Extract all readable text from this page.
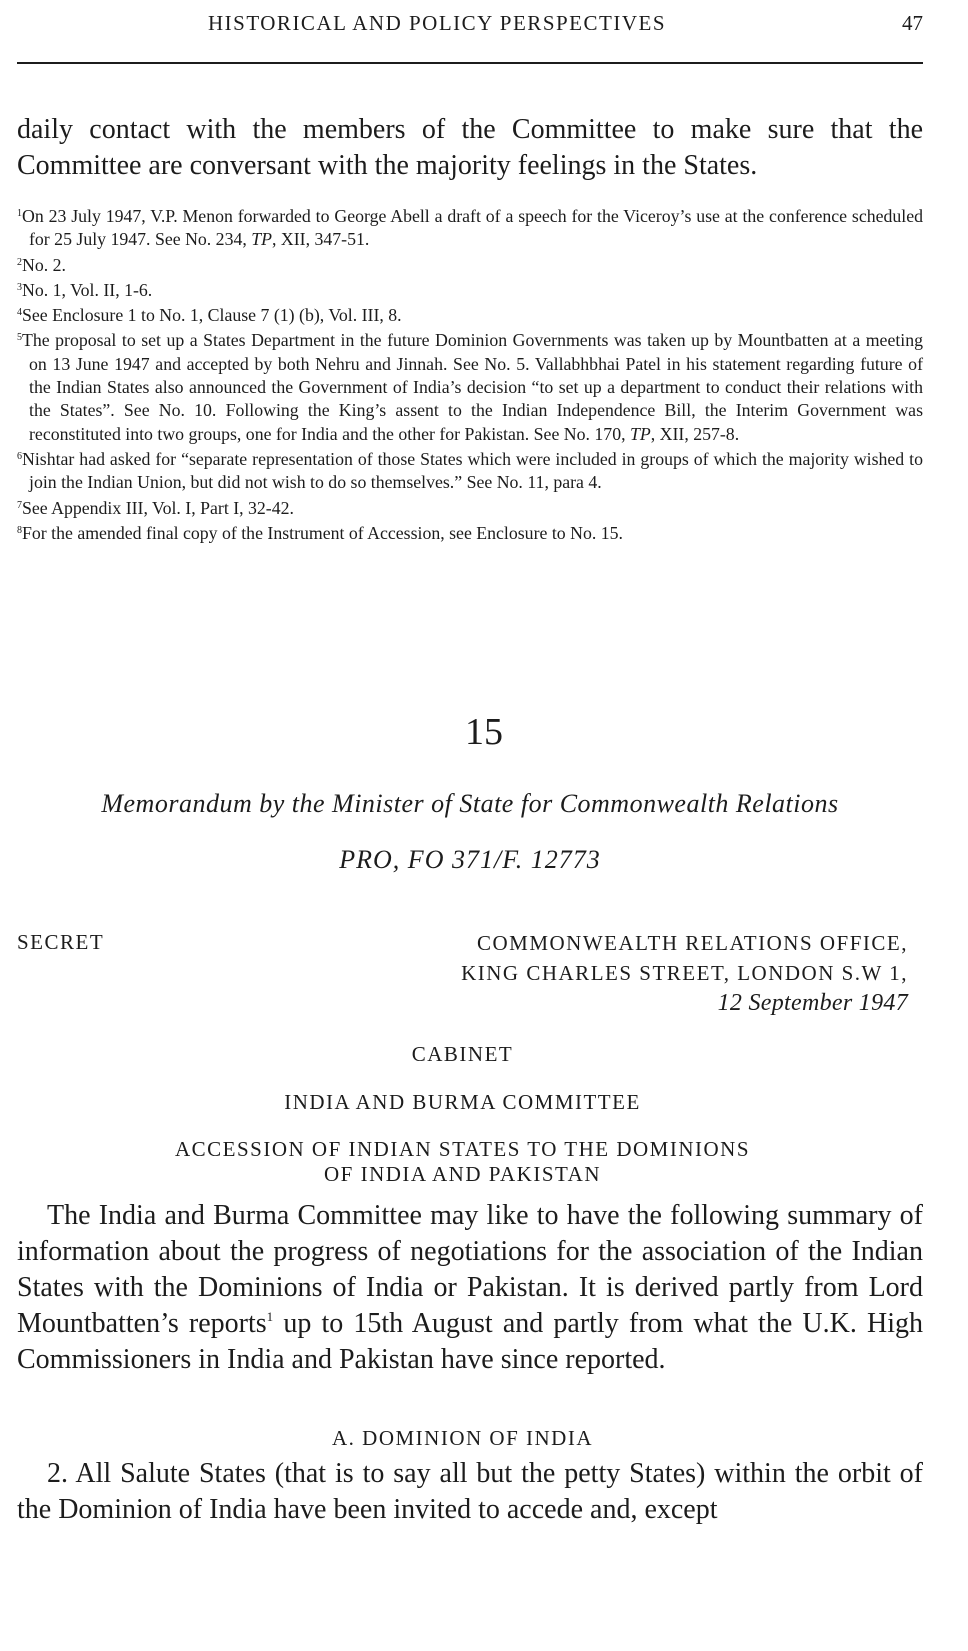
HISTORICAL AND POLICY PERSPECTIVES	47

daily contact with the members of the Committee to make sure that the Committee are conversant with the majority feelings in the States.

$^1$On 23 July 1947, V.P. Menon forwarded to George Abell a draft of a speech for the Viceroy’s use at the conference scheduled for 25 July 1947. See No. 234, TP, XII, 347-51.

$^2$No. 2.

$^3$No. 1, Vol. II, 1-6.

$^4$See Enclosure 1 to No. 1, Clause 7 (1) (b), Vol. III, 8.

$^5$The proposal to set up a States Department in the future Dominion Governments was taken up by Mountbatten at a meeting on 13 June 1947 and accepted by both Nehru and Jinnah. See No. 5. Vallabhbhai Patel in his statement regarding future of the Indian States also announced the Government of India’s decision “to set up a department to conduct their relations with the States”. See No. 10. Following the King’s assent to the Indian Independence Bill, the Interim Government was reconstituted into two groups, one for India and the other for Pakistan. See No. 170, TP, XII, 257-8.

$^6$Nishtar had asked for “separate representation of those States which were included in groups of which the majority wished to join the Indian Union, but did not wish to do so themselves.” See No. 11, para 4.

$^7$See Appendix III, Vol. I, Part I, 32-42.

$^8$For the amended final copy of the Instrument of Accession, see Enclosure to No. 15.

15
Memorandum by the Minister of State for Commonwealth Relations
PRO, FO 371/F. 12773
SECRET	COMMONWEALTH RELATIONS OFFICE,
KING CHARLES STREET, LONDON S.W 1,
12 September 1947
CABINET
INDIA AND BURMA COMMITTEE
ACCESSION OF INDIAN STATES TO THE DOMINIONS
OF INDIA AND PAKISTAN

The India and Burma Committee may like to have the following summary of information about the progress of negotiations for the association of the Indian States with the Dominions of India or Pakistan. It is derived partly from Lord Mountbatten’s reports$^1$ up to 15th August and partly from what the U.K. High Commissioners in India and Pakistan have since reported.

A. DOMINION OF INDIA

2. All Salute States (that is to say all but the petty States) within the orbit of the Dominion of India have been invited to accede and, except
